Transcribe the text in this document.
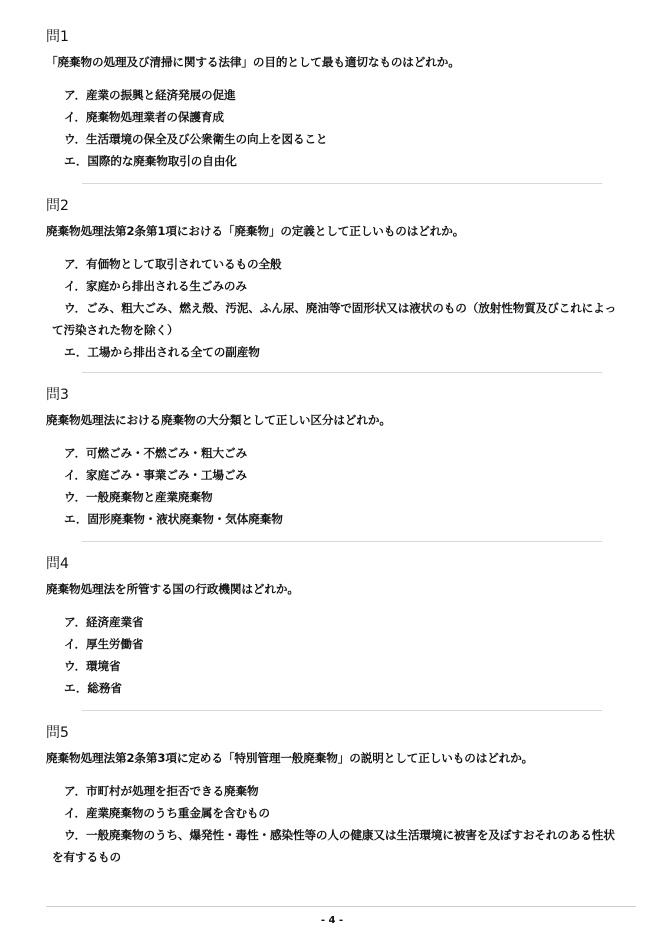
問1
「廃棄物の処理及び清掃に関する法律」の目的として最も適切なものはどれか。
ア．産業の振興と経済発展の促進
イ．廃棄物処理業者の保護育成
ウ．生活環境の保全及び公衆衛生の向上を図ること
エ．国際的な廃棄物取引の自由化
問2
廃棄物処理法第2条第1項における「廃棄物」の定義として正しいものはどれか。
ア．有価物として取引されているもの全般
イ．家庭から排出される生ごみのみ
ウ．ごみ、粗大ごみ、燃え殻、汚泥、ふん尿、廃油等で固形状又は液状のもの（放射性物質及びこれによって汚染された物を除く）
エ．工場から排出される全ての副産物
問3
廃棄物処理法における廃棄物の大分類として正しい区分はどれか。
ア．可燃ごみ・不燃ごみ・粗大ごみ
イ．家庭ごみ・事業ごみ・工場ごみ
ウ．一般廃棄物と産業廃棄物
エ．固形廃棄物・液状廃棄物・気体廃棄物
問4
廃棄物処理法を所管する国の行政機関はどれか。
ア．経済産業省
イ．厚生労働省
ウ．環境省
エ．総務省
問5
廃棄物処理法第2条第3項に定める「特別管理一般廃棄物」の説明として正しいものはどれか。
ア．市町村が処理を拒否できる廃棄物
イ．産業廃棄物のうち重金属を含むもの
ウ．一般廃棄物のうち、爆発性・毒性・感染性等の人の健康又は生活環境に被害を及ぼすおそれのある性状を有するもの
- 4 -
